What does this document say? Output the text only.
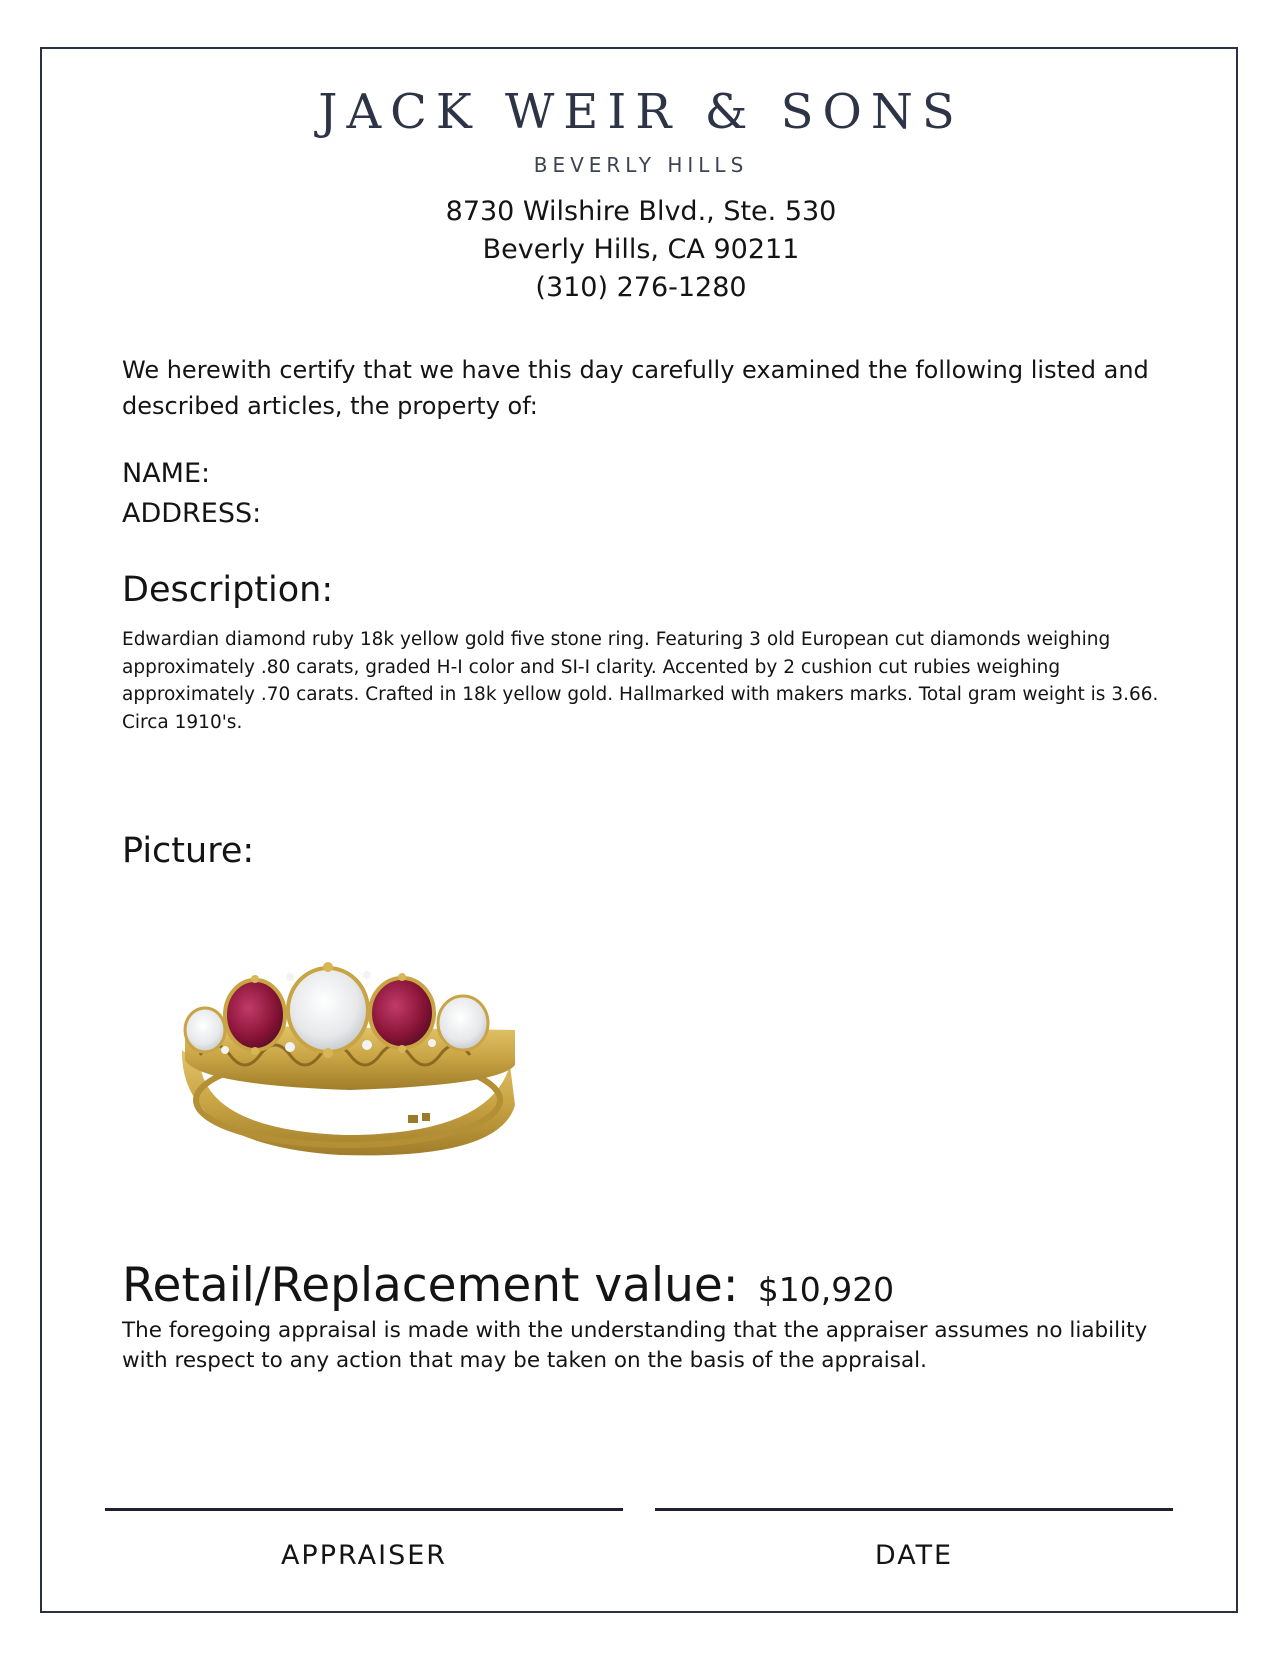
JACK WEIR & SONS
BEVERLY HILLS
8730 Wilshire Blvd., Ste. 530
Beverly Hills, CA 90211
(310) 276-1280
We herewith certify that we have this day carefully examined the following listed and described articles, the property of:
NAME:
ADDRESS:
Description:
Edwardian diamond ruby 18k yellow gold five stone ring. Featuring 3 old European cut diamonds weighing approximately .80 carats, graded H-I color and SI-I clarity. Accented by 2 cushion cut rubies weighing approximately .70 carats. Crafted in 18k yellow gold. Hallmarked with makers marks. Total gram weight is 3.66. Circa 1910's.
Picture:
Retail/Replacement value: $10,920
The foregoing appraisal is made with the understanding that the appraiser assumes no liability with respect to any action that may be taken on the basis of the appraisal.
APPRAISER	DATE
